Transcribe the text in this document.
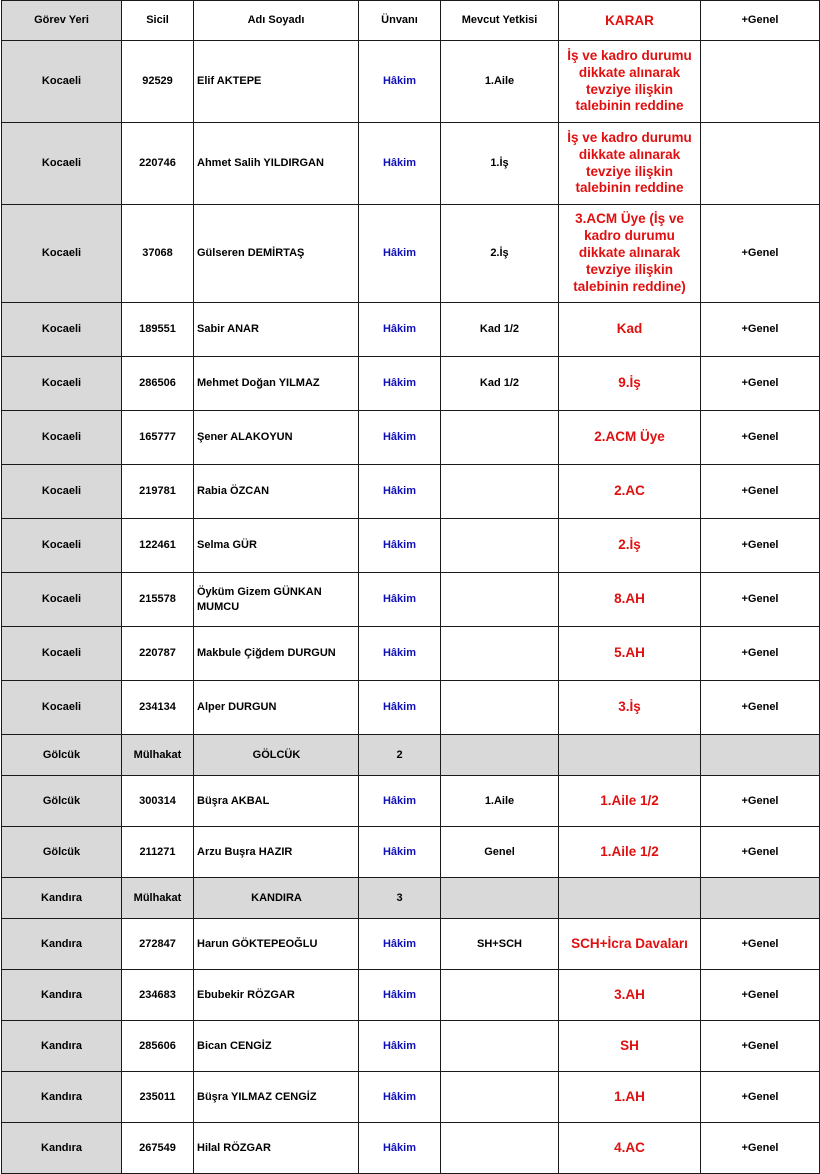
Görev Yeri	Sicil	Adı Soyadı	Ünvanı	Mevcut Yetkisi	KARAR	+Genel
Kocaeli	92529	Elif AKTEPE	Hâkim	1.Aile	İş ve kadro durumu dikkate alınarak tevziye ilişkin talebinin reddine	
Kocaeli	220746	Ahmet Salih YILDIRGAN	Hâkim	1.İş	İş ve kadro durumu dikkate alınarak tevziye ilişkin talebinin reddine	
Kocaeli	37068	Gülseren DEMİRTAŞ	Hâkim	2.İş	3.ACM Üye (İş ve kadro durumu dikkate alınarak tevziye ilişkin talebinin reddine)	+Genel
Kocaeli	189551	Sabir ANAR	Hâkim	Kad 1/2	Kad	+Genel
Kocaeli	286506	Mehmet Doğan YILMAZ	Hâkim	Kad 1/2	9.İş	+Genel
Kocaeli	165777	Şener ALAKOYUN	Hâkim		2.ACM Üye	+Genel
Kocaeli	219781	Rabia ÖZCAN	Hâkim		2.AC	+Genel
Kocaeli	122461	Selma GÜR	Hâkim		2.İş	+Genel
Kocaeli	215578	Öyküm Gizem GÜNKAN MUMCU	Hâkim		8.AH	+Genel
Kocaeli	220787	Makbule Çiğdem DURGUN	Hâkim		5.AH	+Genel
Kocaeli	234134	Alper DURGUN	Hâkim		3.İş	+Genel
Gölcük	Mülhakat	GÖLCÜK	2			
Gölcük	300314	Büşra AKBAL	Hâkim	1.Aile	1.Aile 1/2	+Genel
Gölcük	211271	Arzu Buşra HAZIR	Hâkim	Genel	1.Aile 1/2	+Genel
Kandıra	Mülhakat	KANDIRA	3			
Kandıra	272847	Harun GÖKTEPEOĞLU	Hâkim	SH+SCH	SCH+İcra Davaları	+Genel
Kandıra	234683	Ebubekir RÖZGAR	Hâkim		3.AH	+Genel
Kandıra	285606	Bican CENGİZ	Hâkim		SH	+Genel
Kandıra	235011	Büşra YILMAZ CENGİZ	Hâkim		1.AH	+Genel
Kandıra	267549	Hilal RÖZGAR	Hâkim		4.AC	+Genel
